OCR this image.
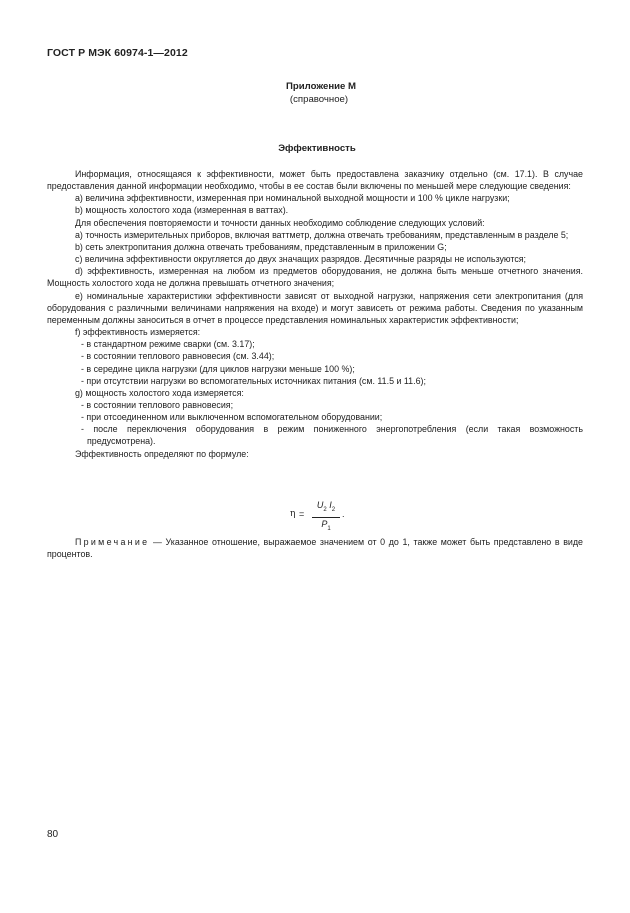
ГОСТ Р МЭК 60974-1—2012
Приложение М
(справочное)
Эффективность

Информация, относящаяся к эффективности, может быть предоставлена заказчику отдельно (см. 17.1). В случае предоставления данной информации необходимо, чтобы в ее состав были включены по меньшей мере следующие сведения:

a) величина эффективности, измеренная при номинальной выходной мощности и 100 % цикле нагрузки;

b) мощность холостого хода (измеренная в ваттах).

Для обеспечения повторяемости и точности данных необходимо соблюдение следующих условий:

a) точность измерительных приборов, включая ваттметр, должна отвечать требованиям, представленным в разделе 5;

b) сеть электропитания должна отвечать требованиям, представленным в приложении G;

c) величина эффективности округляется до двух значащих разрядов. Десятичные разряды не используются;

d) эффективность, измеренная на любом из предметов оборудования, не должна быть меньше отчетного значения. Мощность холостого хода не должна превышать отчетного значения;

e) номинальные характеристики эффективности зависят от выходной нагрузки, напряжения сети электропитания (для оборудования с различными величинами напряжения на входе) и могут зависеть от режима работы. Сведения по указанным переменным должны заноситься в отчет в процессе представления номинальных характеристик эффективности;

f) эффективность измеряется:

- в стандартном режиме сварки (см. 3.17);

- в состоянии теплового равновесия (см. 3.44);

- в середине цикла нагрузки (для циклов нагрузки меньше 100 %);

- при отсутствии нагрузки во вспомогательных источниках питания (см. 11.5 и 11.6);

g) мощность холостого хода измеряется:

- в состоянии теплового равновесия;

- при отсоединенном или выключенном вспомогательном оборудовании;

- после переключения оборудования в режим пониженного энергопотребления (если такая возможность предусмотрена).

Эффективность определяют по формуле:

η =
$U_2$ $I_2$
$P_1$
.
Примечание — Указанное отношение, выражаемое значением от 0 до 1, также может быть представлено в виде процентов.
80
